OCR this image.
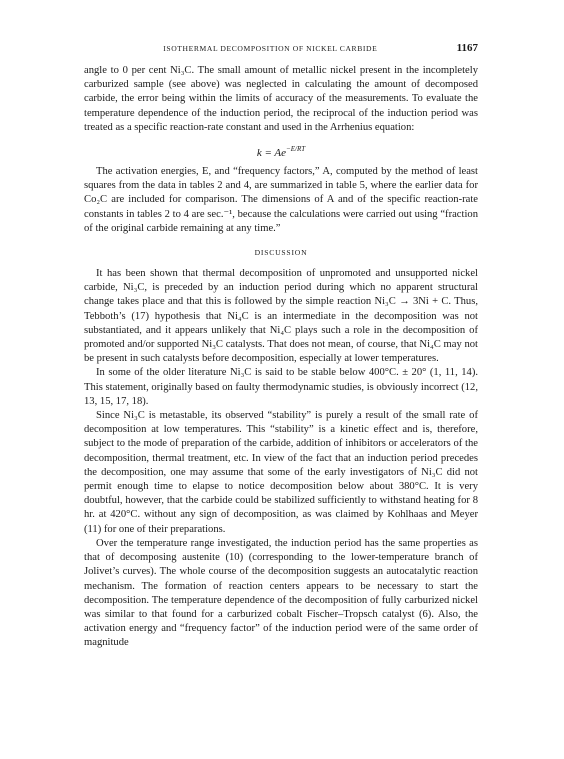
ISOTHERMAL DECOMPOSITION OF NICKEL CARBIDE	1167

angle to 0 per cent Ni₃C. The small amount of metallic nickel present in the incompletely carburized sample (see above) was neglected in calculating the amount of decomposed carbide, the error being within the limits of accuracy of the measurements. To evaluate the temperature dependence of the induction period, the reciprocal of the induction period was treated as a specific reaction-rate constant and used in the Arrhenius equation:

$k = Ae^{-E/RT}$

The activation energies, E, and “frequency factors,” A, computed by the method of least squares from the data in tables 2 and 4, are summarized in table 5, where the earlier data for Co₂C are included for comparison. The dimensions of A and of the specific reaction-rate constants in tables 2 to 4 are sec.⁻¹, because the calculations were carried out using “fraction of the original carbide remaining at any time.”

DISCUSSION

It has been shown that thermal decomposition of unpromoted and unsupported nickel carbide, Ni₃C, is preceded by an induction period during which no apparent structural change takes place and that this is followed by the simple reaction Ni₃C → 3Ni + C. Thus, Tebboth’s (17) hypothesis that Ni₄C is an intermediate in the decomposition was not substantiated, and it appears unlikely that Ni₄C plays such a role in the decomposition of promoted and/or supported Ni₃C catalysts. That does not mean, of course, that Ni₄C may not be present in such catalysts before decomposition, especially at lower temperatures.

In some of the older literature Ni₃C is said to be stable below 400°C. ± 20° (1, 11, 14). This statement, originally based on faulty thermodynamic studies, is obviously incorrect (12, 13, 15, 17, 18).

Since Ni₃C is metastable, its observed “stability” is purely a result of the small rate of decomposition at low temperatures. This “stability” is a kinetic effect and is, therefore, subject to the mode of preparation of the carbide, addition of inhibitors or accelerators of the decomposition, thermal treatment, etc. In view of the fact that an induction period precedes the decomposition, one may assume that some of the early investigators of Ni₃C did not permit enough time to elapse to notice decomposition below about 380°C. It is very doubtful, however, that the carbide could be stabilized sufficiently to withstand heating for 8 hr. at 420°C. without any sign of decomposition, as was claimed by Kohlhaas and Meyer (11) for one of their preparations.

Over the temperature range investigated, the induction period has the same properties as that of decomposing austenite (10) (corresponding to the lower-temperature branch of Jolivet’s curves). The whole course of the decomposition suggests an autocatalytic reaction mechanism. The formation of reaction centers appears to be necessary to start the decomposition. The temperature dependence of the decomposition of fully carburized nickel was similar to that found for a carburized cobalt Fischer–Tropsch catalyst (6). Also, the activation energy and “frequency factor” of the induction period were of the same order of magnitude
